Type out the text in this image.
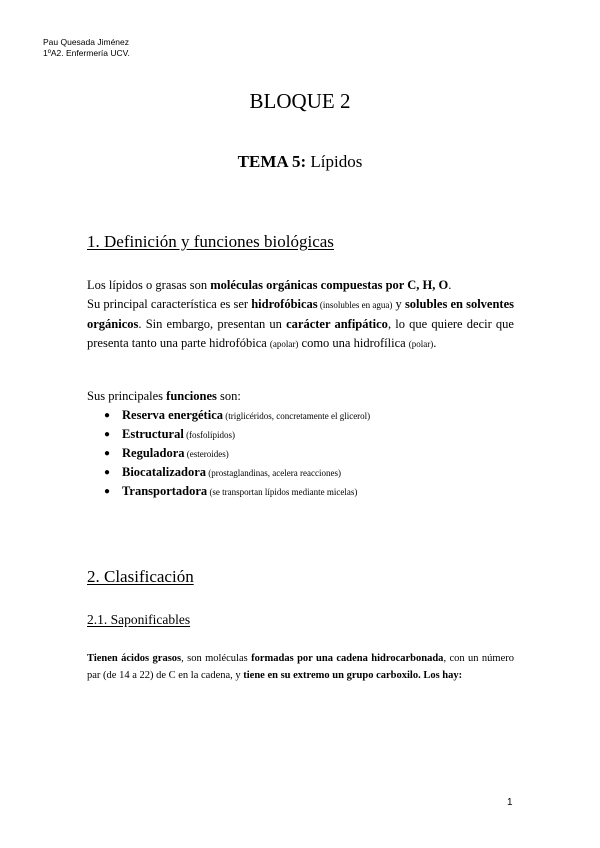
Pau Quesada Jiménez
1ºA2. Enfermería UCV.
BLOQUE 2
TEMA 5: Lípidos
1. Definición y funciones biológicas
Los lípidos o grasas son moléculas orgánicas compuestas por C, H, O.
Su principal característica es ser hidrofóbicas (insolubles en agua) y solubles en solventes orgánicos. Sin embargo, presentan un carácter anfipático, lo que quiere decir que presenta tanto una parte hidrofóbica (apolar) como una hidrofílica (polar).
Sus principales funciones son:
● Reserva energética (triglicéridos, concretamente el glicerol)
● Estructural (fosfolípidos)
● Reguladora (esteroides)
● Biocatalizadora (prostaglandinas, acelera reacciones)
● Transportadora (se transportan lípidos mediante micelas)
2. Clasificación
2.1. Saponificables
Tienen ácidos grasos, son moléculas formadas por una cadena hidrocarbonada, con un número par (de 14 a 22) de C en la cadena, y tiene en su extremo un grupo carboxilo. Los hay:
1
